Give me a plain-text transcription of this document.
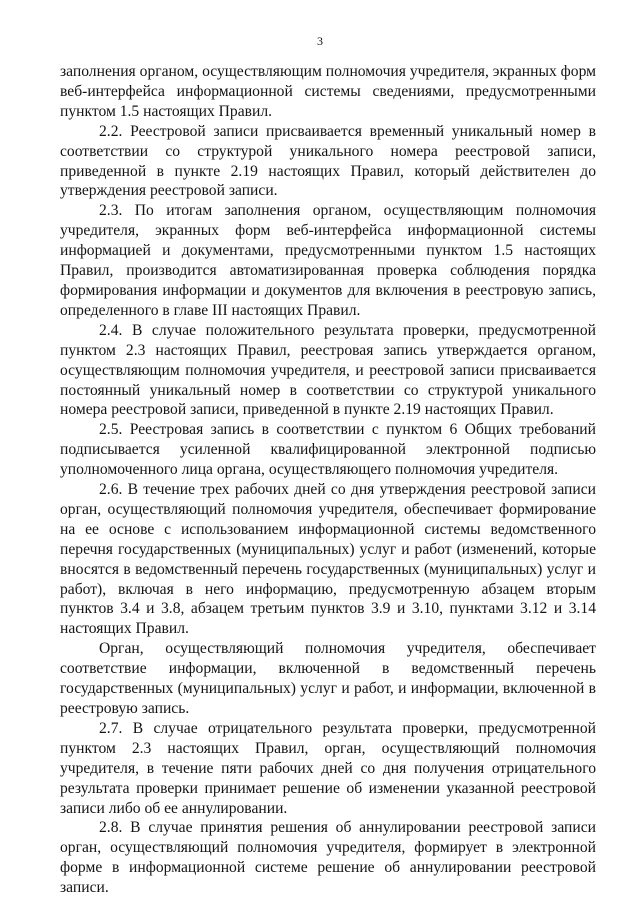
3

заполнения органом, осуществляющим полномочия учредителя, экранных форм веб-интерфейса информационной системы сведениями, предусмотренными пунктом 1.5 настоящих Правил.

2.2. Реестровой записи присваивается временный уникальный номер в соответствии со структурой уникального номера реестровой записи, приведенной в пункте 2.19 настоящих Правил, который действителен до утверждения реестровой записи.

2.3. По итогам заполнения органом, осуществляющим полномочия учредителя, экранных форм веб-интерфейса информационной системы информацией и документами, предусмотренными пунктом 1.5 настоящих Правил, производится автоматизированная проверка соблюдения порядка формирования информации и документов для включения в реестровую запись, определенного в главе III настоящих Правил.

2.4. В случае положительного результата проверки, предусмотренной пунктом 2.3 настоящих Правил, реестровая запись утверждается органом, осуществляющим полномочия учредителя, и реестровой записи присваивается постоянный уникальный номер в соответствии со структурой уникального номера реестровой записи, приведенной в пункте 2.19 настоящих Правил.

2.5. Реестровая запись в соответствии с пунктом 6 Общих требований подписывается усиленной квалифицированной электронной подписью уполномоченного лица органа, осуществляющего полномочия учредителя.

2.6. В течение трех рабочих дней со дня утверждения реестровой записи орган, осуществляющий полномочия учредителя, обеспечивает формирование на ее основе с использованием информационной системы ведомственного перечня государственных (муниципальных) услуг и работ (изменений, которые вносятся в ведомственный перечень государственных (муниципальных) услуг и работ), включая в него информацию, предусмотренную абзацем вторым пунктов 3.4 и 3.8, абзацем третьим пунктов 3.9 и 3.10, пунктами 3.12 и 3.14 настоящих Правил.

Орган, осуществляющий полномочия учредителя, обеспечивает соответствие информации, включенной в ведомственный перечень государственных (муниципальных) услуг и работ, и информации, включенной в реестровую запись.

2.7. В случае отрицательного результата проверки, предусмотренной пунктом 2.3 настоящих Правил, орган, осуществляющий полномочия учредителя, в течение пяти рабочих дней со дня получения отрицательного результата проверки принимает решение об изменении указанной реестровой записи либо об ее аннулировании.

2.8. В случае принятия решения об аннулировании реестровой записи орган, осуществляющий полномочия учредителя, формирует в электронной форме в информационной системе решение об аннулировании реестровой записи.
